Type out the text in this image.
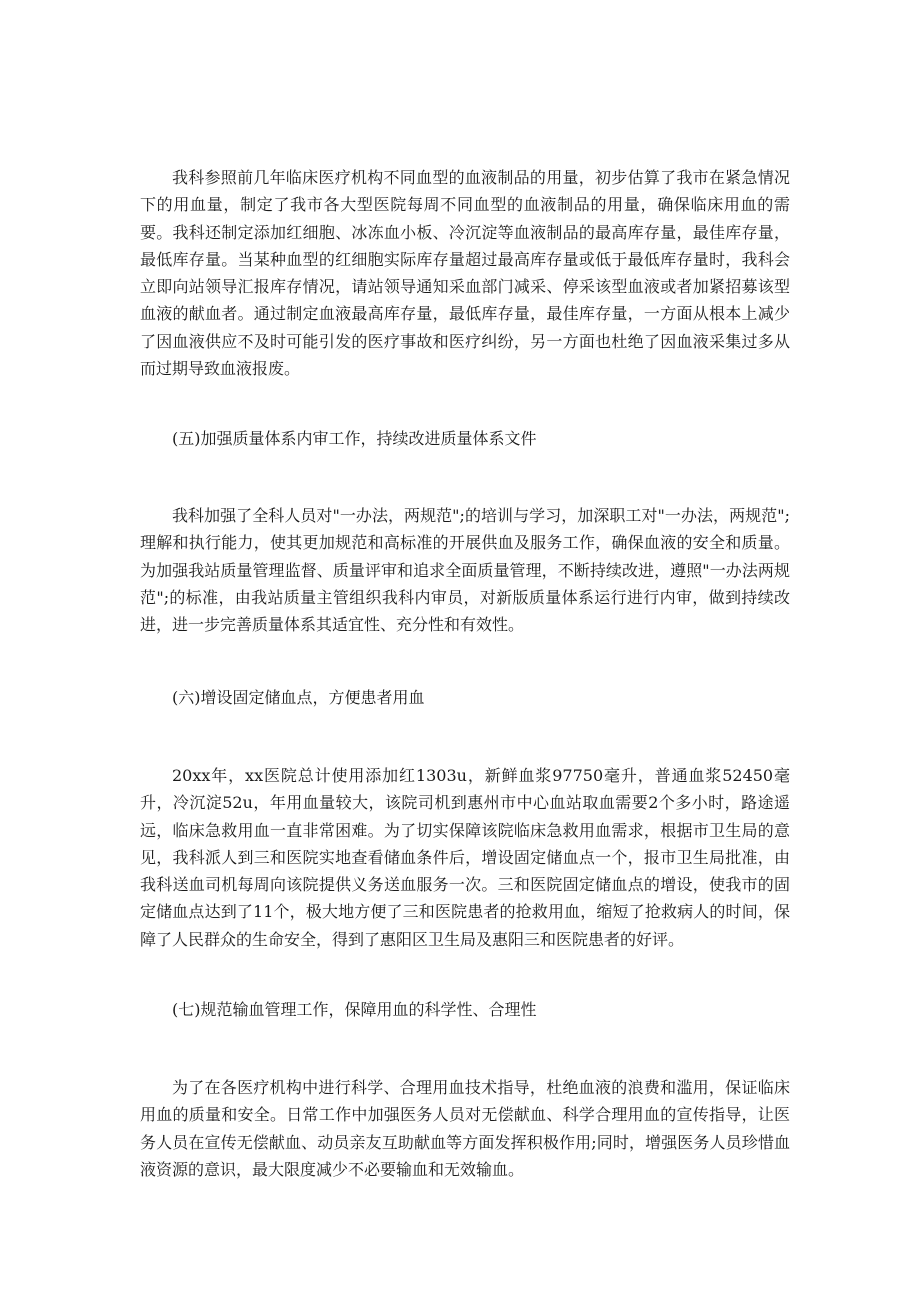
我科参照前几年临床医疗机构不同血型的血液制品的用量，初步估算了我市在紧急情况下的用血量，制定了我市各大型医院每周不同血型的血液制品的用量，确保临床用血的需要。我科还制定添加红细胞、冰冻血小板、冷沉淀等血液制品的最高库存量，最佳库存量，最低库存量。当某种血型的红细胞实际库存量超过最高库存量或低于最低库存量时，我科会立即向站领导汇报库存情况，请站领导通知采血部门减采、停采该型血液或者加紧招募该型血液的献血者。通过制定血液最高库存量，最低库存量，最佳库存量，一方面从根本上减少了因血液供应不及时可能引发的医疗事故和医疗纠纷，另一方面也杜绝了因血液采集过多从而过期导致血液报废。

(五)加强质量体系内审工作，持续改进质量体系文件

我科加强了全科人员对"一办法，两规范";的培训与学习，加深职工对"一办法，两规范";理解和执行能力，使其更加规范和高标准的开展供血及服务工作，确保血液的安全和质量。为加强我站质量管理监督、质量评审和追求全面质量管理，不断持续改进，遵照"一办法两规范";的标准，由我站质量主管组织我科内审员，对新版质量体系运行进行内审，做到持续改进，进一步完善质量体系其适宜性、充分性和有效性。

(六)增设固定储血点，方便患者用血

20xx年，xx医院总计使用添加红1303u，新鲜血浆97750毫升，普通血浆52450毫升，冷沉淀52u，年用血量较大，该院司机到惠州市中心血站取血需要2个多小时，路途遥远，临床急救用血一直非常困难。为了切实保障该院临床急救用血需求，根据市卫生局的意见，我科派人到三和医院实地查看储血条件后，增设固定储血点一个，报市卫生局批准，由我科送血司机每周向该院提供义务送血服务一次。三和医院固定储血点的增设，使我市的固定储血点达到了11个，极大地方便了三和医院患者的抢救用血，缩短了抢救病人的时间，保障了人民群众的生命安全，得到了惠阳区卫生局及惠阳三和医院患者的好评。

(七)规范输血管理工作，保障用血的科学性、合理性

为了在各医疗机构中进行科学、合理用血技术指导，杜绝血液的浪费和滥用，保证临床用血的质量和安全。日常工作中加强医务人员对无偿献血、科学合理用血的宣传指导，让医务人员在宣传无偿献血、动员亲友互助献血等方面发挥积极作用;同时，增强医务人员珍惜血液资源的意识，最大限度减少不必要输血和无效输血。
